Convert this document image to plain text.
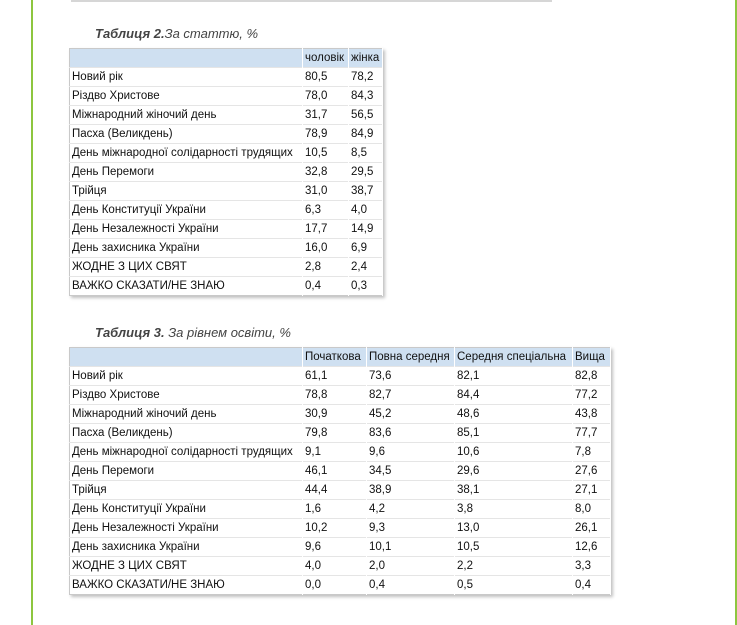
Таблиця 2.За статтю, %
	чоловік	жінка
Новий рік	80,5	78,2
Різдво Христове	78,0	84,3
Міжнародний жіночий день	31,7	56,5
Пасха (Великдень)	78,9	84,9
День міжнародної солідарності трудящих	10,5	8,5
День Перемоги	32,8	29,5
Трійця	31,0	38,7
День Конституції України	6,3	4,0
День Незалежності України	17,7	14,9
День захисника України	16,0	6,9
ЖОДНЕ З ЦИХ СВЯТ	2,8	2,4
ВАЖКО СКАЗАТИ/НЕ ЗНАЮ	0,4	0,3
Таблиця 3. За рівнем освіти, %
	Початкова	Повна середня	Середня спеціальна	Вища
Новий рік	61,1	73,6	82,1	82,8
Різдво Христове	78,8	82,7	84,4	77,2
Міжнародний жіночий день	30,9	45,2	48,6	43,8
Пасха (Великдень)	79,8	83,6	85,1	77,7
День міжнародної солідарності трудящих	9,1	9,6	10,6	7,8
День Перемоги	46,1	34,5	29,6	27,6
Трійця	44,4	38,9	38,1	27,1
День Конституції України	1,6	4,2	3,8	8,0
День Незалежності України	10,2	9,3	13,0	26,1
День захисника України	9,6	10,1	10,5	12,6
ЖОДНЕ З ЦИХ СВЯТ	4,0	2,0	2,2	3,3
ВАЖКО СКАЗАТИ/НЕ ЗНАЮ	0,0	0,4	0,5	0,4
